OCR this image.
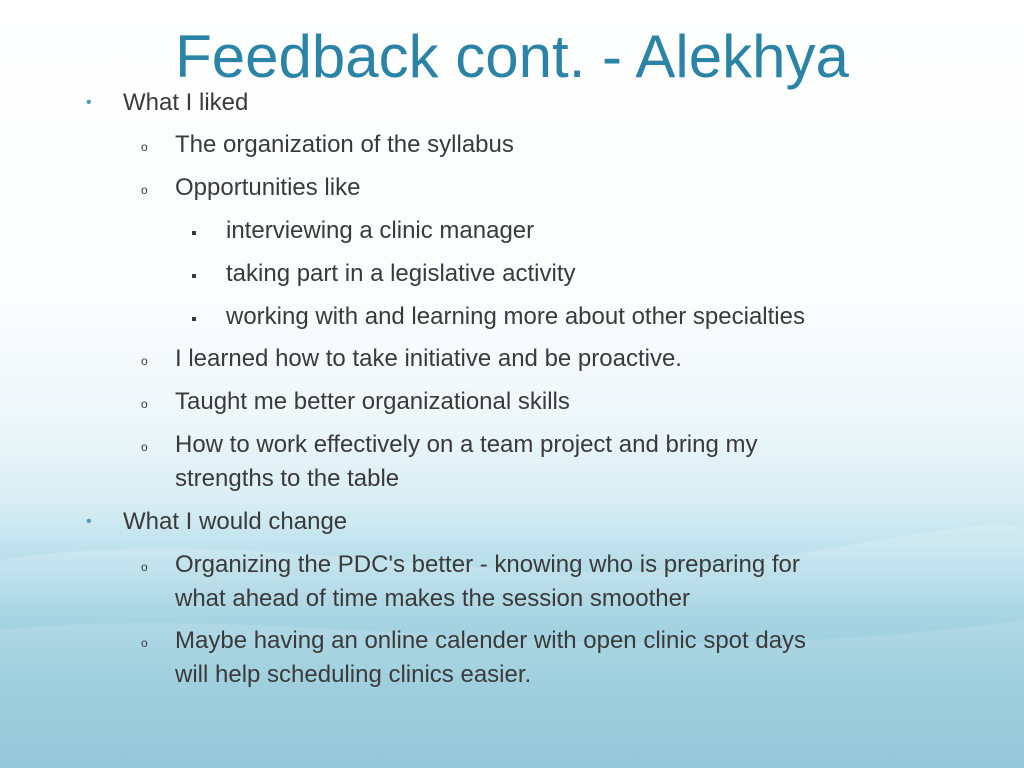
Feedback cont. - Alekhya
• What I liked
o The organization of the syllabus
o Opportunities like
interviewing a clinic manager
taking part in a legislative activity
working with and learning more about other specialties
o I learned how to take initiative and be proactive.
o Taught me better organizational skills
o How to work effectively on a team project and bring my
strengths to the table
• What I would change
o Organizing the PDC's better - knowing who is preparing for
what ahead of time makes the session smoother
o Maybe having an online calender with open clinic spot days
will help scheduling clinics easier.
